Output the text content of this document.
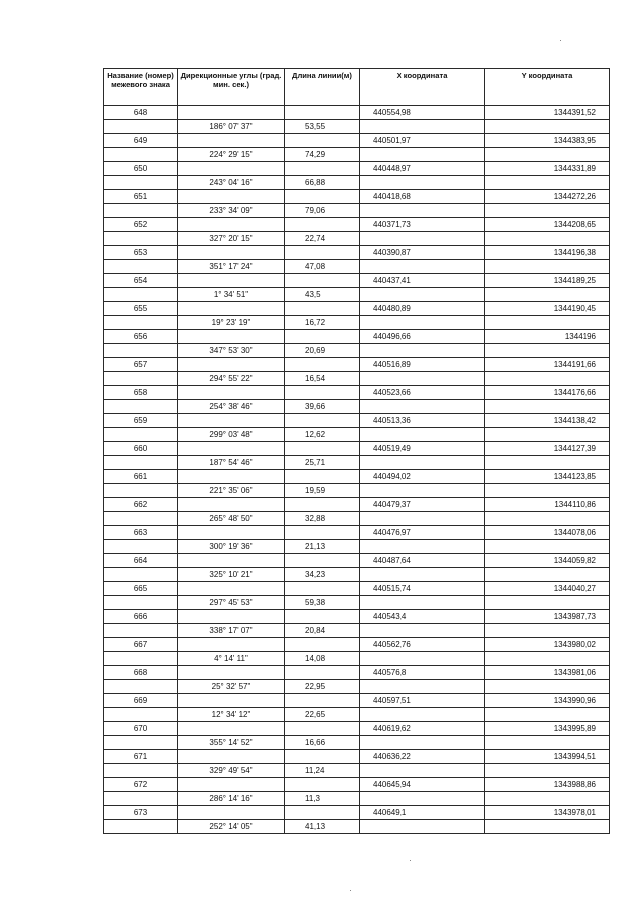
Название (номер) межевого знака	Дирекционные углы (град. мин. сек.)	Длина линии(м)	X координата	Y координата
648			440554,98	1344391,52
	186° 07' 37"	53,55		
649			440501,97	1344383,95
	224° 29' 15"	74,29		
650			440448,97	1344331,89
	243° 04' 16"	66,88		
651			440418,68	1344272,26
	233° 34' 09"	79,06		
652			440371,73	1344208,65
	327° 20' 15"	22,74		
653			440390,87	1344196,38
	351° 17' 24"	47,08		
654			440437,41	1344189,25
	1° 34' 51"	43,5		
655			440480,89	1344190,45
	19° 23' 19"	16,72		
656			440496,66	1344196
	347° 53' 30"	20,69		
657			440516,89	1344191,66
	294° 55' 22"	16,54		
658			440523,66	1344176,66
	254° 38' 46"	39,66		
659			440513,36	1344138,42
	299° 03' 48"	12,62		
660			440519,49	1344127,39
	187° 54' 46"	25,71		
661			440494,02	1344123,85
	221° 35' 06"	19,59		
662			440479,37	1344110,86
	265° 48' 50"	32,88		
663			440476,97	1344078,06
	300° 19' 36"	21,13		
664			440487,64	1344059,82
	325° 10' 21"	34,23		
665			440515,74	1344040,27
	297° 45' 53"	59,38		
666			440543,4	1343987,73
	338° 17' 07"	20,84		
667			440562,76	1343980,02
	4° 14' 11"	14,08		
668			440576,8	1343981,06
	25° 32' 57"	22,95		
669			440597,51	1343990,96
	12° 34' 12"	22,65		
670			440619,62	1343995,89
	355° 14' 52"	16,66		
671			440636,22	1343994,51
	329° 49' 54"	11,24		
672			440645,94	1343988,86
	286° 14' 16"	11,3		
673			440649,1	1343978,01
	252° 14' 05"	41,13		
